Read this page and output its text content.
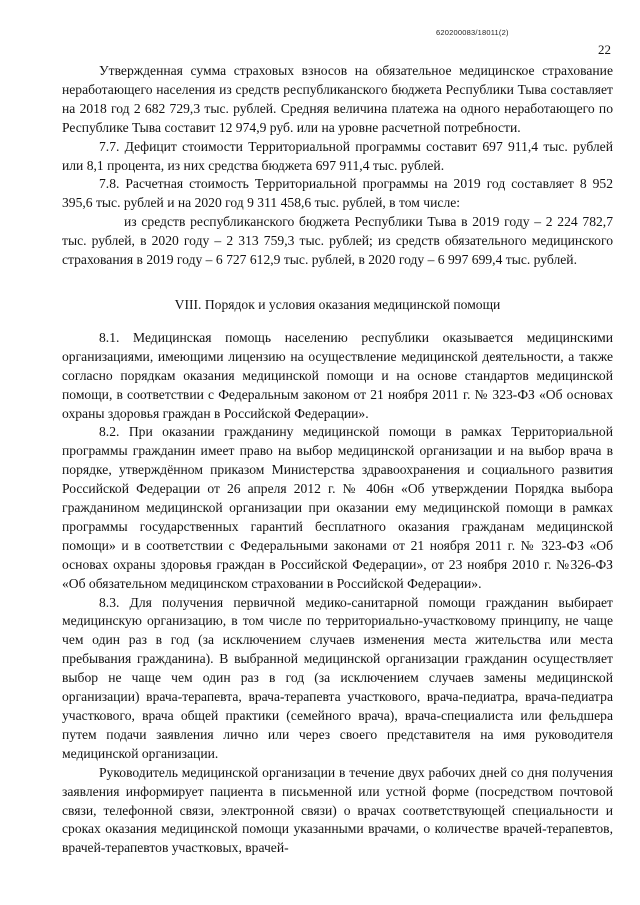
620200083/18011(2)
22

Утвержденная сумма страховых взносов на обязательное медицинское страхование неработающего населения из средств республиканского бюджета Республики Тыва составляет на 2018 год 2 682 729,3 тыс. рублей. Средняя величина платежа на одного неработающего по Республике Тыва составит 12 974,9 руб. или на уровне расчетной потребности.

7.7. Дефицит стоимости Территориальной программы составит 697 911,4 тыс. рублей или 8,1 процента, из них средства бюджета 697 911,4 тыс. рублей.

7.8. Расчетная стоимость Территориальной программы на 2019 год составляет 8 952 395,6 тыс. рублей и на 2020 год 9 311 458,6 тыс. рублей, в том числе:

из средств республиканского бюджета Республики Тыва в 2019 году – 2 224 782,7 тыс. рублей, в 2020 году – 2 313 759,3 тыс. рублей; из средств обязательного медицинского страхования в 2019 году – 6 727 612,9 тыс. рублей, в 2020 году – 6 997 699,4 тыс. рублей.

VIII. Порядок и условия оказания медицинской помощи

8.1. Медицинская помощь населению республики оказывается медицинскими организациями, имеющими лицензию на осуществление медицинской деятельности, а также согласно порядкам оказания медицинской помощи и на основе стандартов медицинской помощи, в соответствии с Федеральным законом от 21 ноября 2011 г. № 323-ФЗ «Об основах охраны здоровья граждан в Российской Федерации».

8.2. При оказании гражданину медицинской помощи в рамках Территориальной программы гражданин имеет право на выбор медицинской организации и на выбор врача в порядке, утверждённом приказом Министерства здравоохранения и социального развития Российской Федерации от 26 апреля 2012 г. № 406н «Об утверждении Порядка выбора гражданином медицинской организации при оказании ему медицинской помощи в рамках программы государственных гарантий бесплатного оказания гражданам медицинской помощи» и в соответствии с Федеральными законами от 21 ноября 2011 г. № 323-ФЗ «Об основах охраны здоровья граждан в Российской Федерации», от 23 ноября 2010 г. №326-ФЗ «Об обязательном медицинском страховании в Российской Федерации».

8.3. Для получения первичной медико-санитарной помощи гражданин выбирает медицинскую организацию, в том числе по территориально-участковому принципу, не чаще чем один раз в год (за исключением случаев изменения места жительства или места пребывания гражданина). В выбранной медицинской организации гражданин осуществляет выбор не чаще чем один раз в год (за исключением случаев замены медицинской организации) врача-терапевта, врача-терапевта участкового, врача-педиатра, врача-педиатра участкового, врача общей практики (семейного врача), врача-специалиста или фельдшера путем подачи заявления лично или через своего представителя на имя руководителя медицинской организации.

Руководитель медицинской организации в течение двух рабочих дней со дня получения заявления информирует пациента в письменной или устной форме (посредством почтовой связи, телефонной связи, электронной связи) о врачах соответствующей специальности и сроках оказания медицинской помощи указанными врачами, о количестве врачей-терапевтов, врачей-терапевтов участковых, врачей-
